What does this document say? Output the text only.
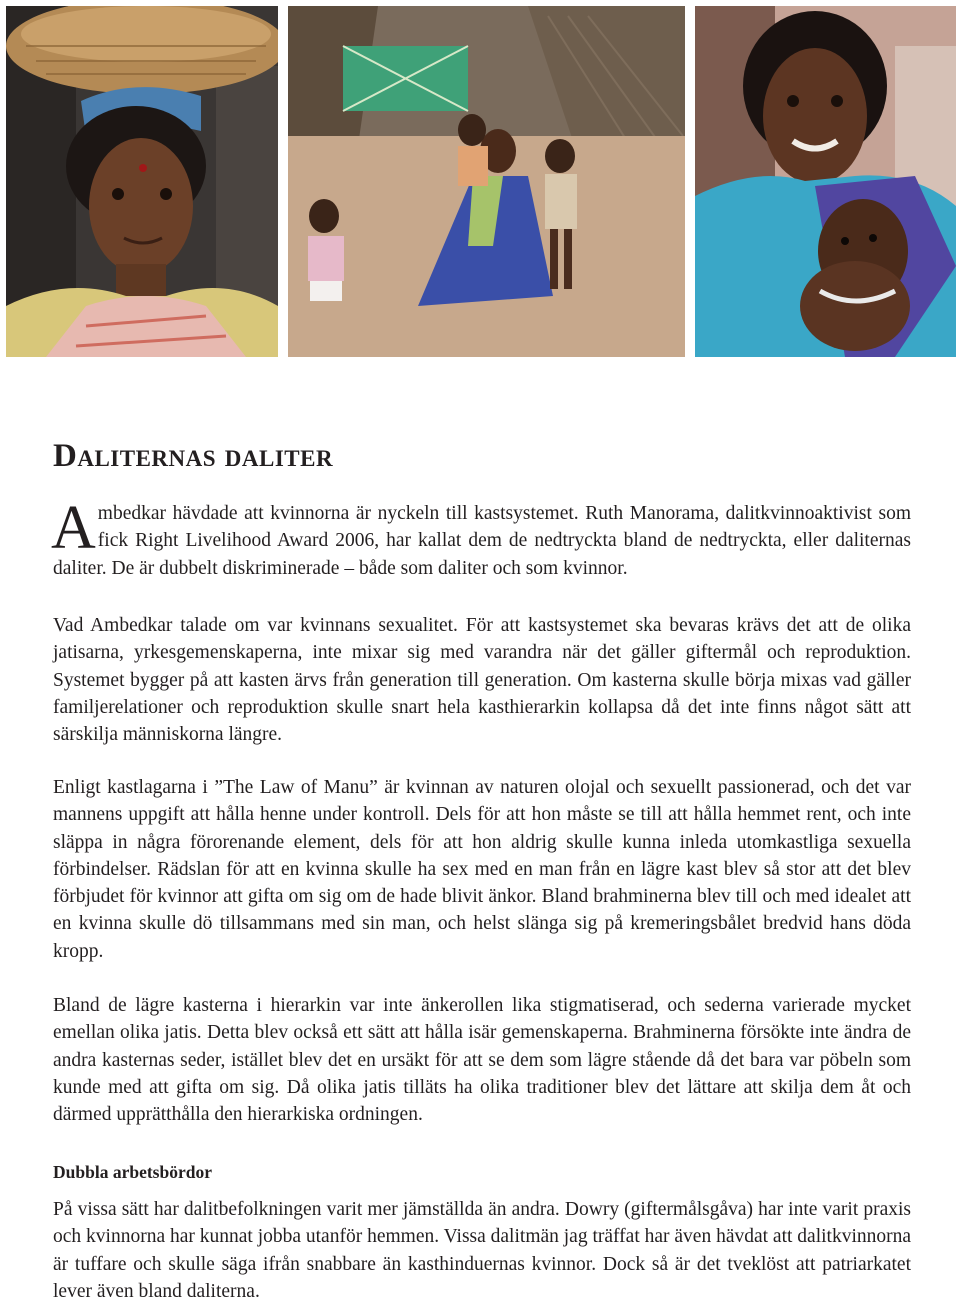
Daliternas daliter

Ambedkar hävdade att kvinnorna är nyckeln till kastsystemet. Ruth Manorama, dalitkvinnoaktivist som fick Right Livelihood Award 2006, har kallat dem de nedtryckta bland de nedtryckta, eller daliternas daliter. De är dubbelt diskriminerade – både som daliter och som kvinnor.

Vad Ambedkar talade om var kvinnans sexualitet. För att kastsystemet ska bevaras krävs det att de olika jatisarna, yrkesgemenskaperna, inte mixar sig med varandra när det gäller giftermål och reproduktion. Systemet bygger på att kasten ärvs från generation till generation. Om kasterna skulle börja mixas vad gäller familjerelationer och reproduktion skulle snart hela kasthierarkin kollapsa då det inte finns något sätt att särskilja människorna längre.

Enligt kastlagarna i ”The Law of Manu” är kvinnan av naturen olojal och sexuellt passionerad, och det var mannens uppgift att hålla henne under kontroll. Dels för att hon måste se till att hålla hemmet rent, och inte släppa in några förorenande element, dels för att hon aldrig skulle kunna inleda utomkastliga sexuella förbindelser. Rädslan för att en kvinna skulle ha sex med en man från en lägre kast blev så stor att det blev förbjudet för kvinnor att gifta om sig om de hade blivit änkor. Bland brahminerna blev till och med idealet att en kvinna skulle dö tillsammans med sin man, och helst slänga sig på kremeringsbålet bredvid hans döda kropp.

Bland de lägre kasterna i hierarkin var inte änkerollen lika stigmatiserad, och sederna varierade mycket emellan olika jatis. Detta blev också ett sätt att hålla isär gemenskaperna. Brahminerna försökte inte ändra de andra kasternas seder, istället blev det en ursäkt för att se dem som lägre stående då det bara var pöbeln som kunde med att gifta om sig. Då olika jatis tilläts ha olika traditioner blev det lättare att skilja dem åt och därmed upprätthålla den hierarkiska ordningen.

Dubbla arbetsbördor

På vissa sätt har dalitbefolkningen varit mer jämställda än andra. Dowry (giftermålsgåva) har inte varit praxis och kvinnorna har kunnat jobba utanför hemmen. Vissa dalitmän jag träffat har även hävdat att dalitkvinnorna är tuffare och skulle säga ifrån snabbare än kasthinduernas kvinnor. Dock så är det tveklöst att patriarkatet lever även bland daliterna.
